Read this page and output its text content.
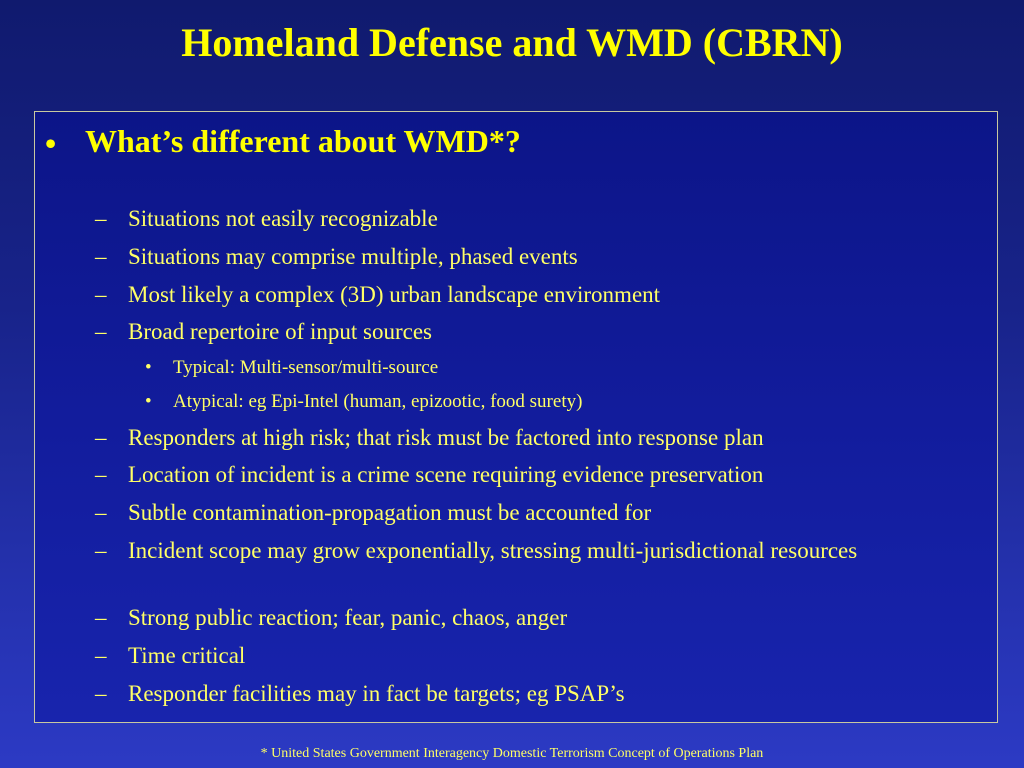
Homeland Defense and WMD (CBRN)
• What’s different about WMD*?
– Situations not easily recognizable
– Situations may comprise multiple, phased events
– Most likely a complex (3D) urban landscape environment
– Broad repertoire of input sources
• Typical: Multi-sensor/multi-source
• Atypical: eg Epi-Intel (human, epizootic, food surety)
– Responders at high risk; that risk must be factored into response plan
– Location of incident is a crime scene requiring evidence preservation
– Subtle contamination-propagation must be accounted for
– Incident scope may grow exponentially, stressing multi-jurisdictional resources
– Strong public reaction; fear, panic, chaos, anger
– Time critical
– Responder facilities may in fact be targets; eg PSAP’s
* United States Government Interagency Domestic Terrorism Concept of Operations Plan
